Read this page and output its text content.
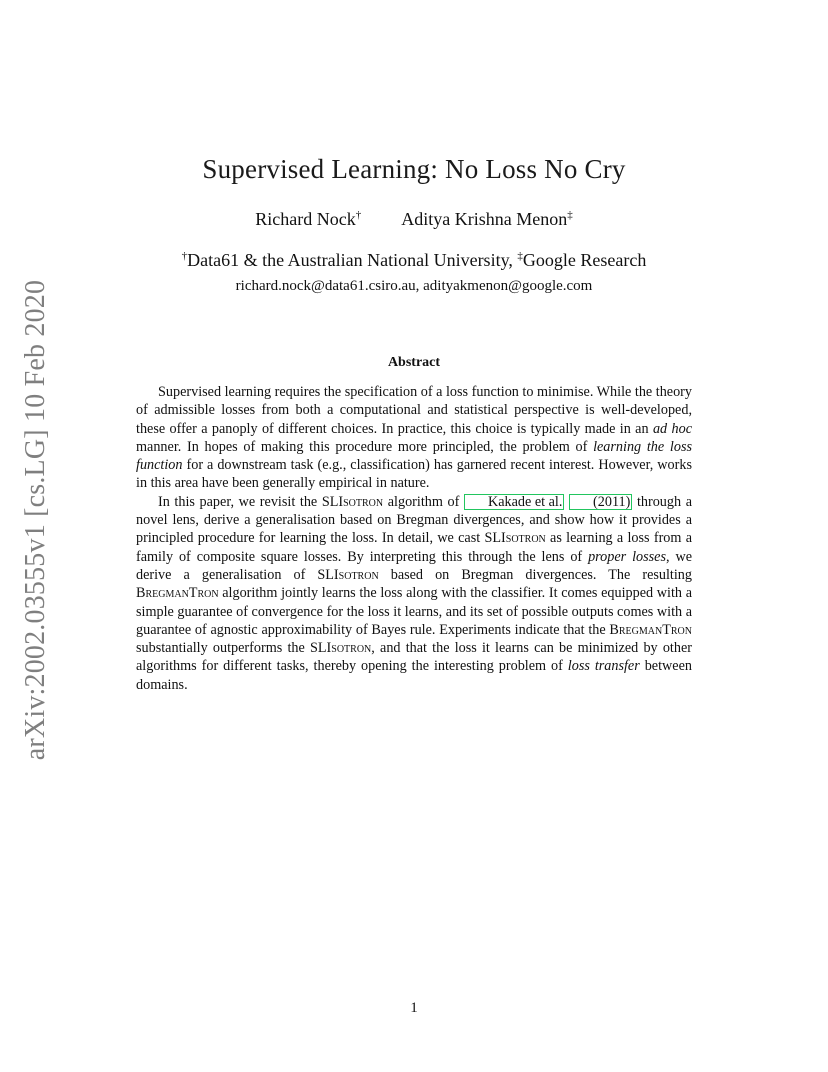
arXiv:2002.03555v1 [cs.LG] 10 Feb 2020
Supervised Learning: No Loss No Cry
Richard Nock† Aditya Krishna Menon‡
†Data61 & the Australian National University, ‡Google Research
richard.nock@data61.csiro.au, adityakmenon@google.com
Abstract

Supervised learning requires the specification of a loss function to minimise. While the theory of admissible losses from both a computational and statistical perspective is well-developed, these offer a panoply of different choices. In practice, this choice is typically made in an ad hoc manner. In hopes of making this procedure more principled, the problem of learning the loss function for a downstream task (e.g., classification) has garnered recent interest. However, works in this area have been generally empirical in nature.

In this paper, we revisit the SLIsotron algorithm of Kakade et al. (2011) through a novel lens, derive a generalisation based on Bregman divergences, and show how it provides a principled procedure for learning the loss. In detail, we cast SLIsotron as learning a loss from a family of composite square losses. By interpreting this through the lens of proper losses, we derive a generalisation of SLIsotron based on Bregman divergences. The resulting BregmanTron algorithm jointly learns the loss along with the classifier. It comes equipped with a simple guarantee of convergence for the loss it learns, and its set of possible outputs comes with a guarantee of agnostic approximability of Bayes rule. Experiments indicate that the BregmanTron substantially outperforms the SLIsotron, and that the loss it learns can be minimized by other algorithms for different tasks, thereby opening the interesting problem of loss transfer between domains.

1
